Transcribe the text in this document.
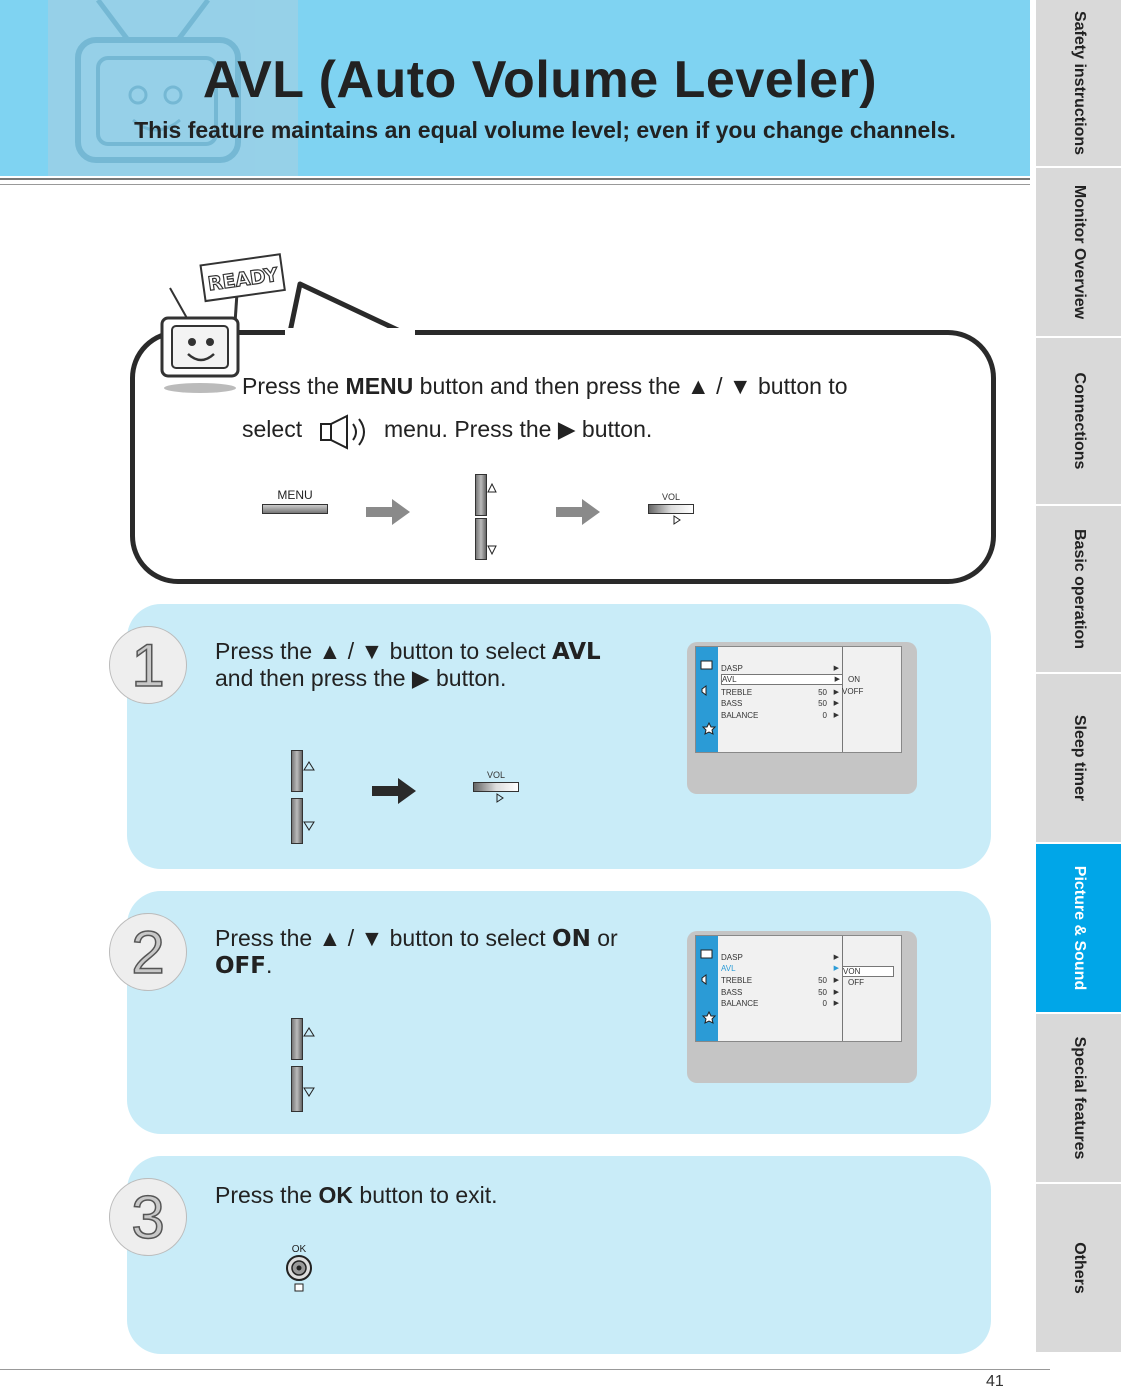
AVL (Auto Volume Leveler)
This feature maintains an equal volume level; even if you change channels.	Safety instructions
Monitor Overview
Connections
Basic operation
Sleep timer
Picture & Sound
Special features
Others
READY
Press the MENU button and then press the ▲ / ▼ button to
select	menu. Press the ▶ button.
MENU	VOL
1	Press the ▲ / ▼ button to select AVL
and then press the ▶ button.
VOL
DASP	▶
AVL	▶
TREBLE	50 ▶
BASS	50 ▶
BALANCE	0 ▶
ON
VOFF
2	Press the ▲ / ▼ button to select ON or
OFF.	DASP	▶
AVL	▶
TREBLE	50 ▶
BASS	50 ▶
BALANCE	0 ▶
VON
OFF
3	Press the OK button to exit.
OK
41
